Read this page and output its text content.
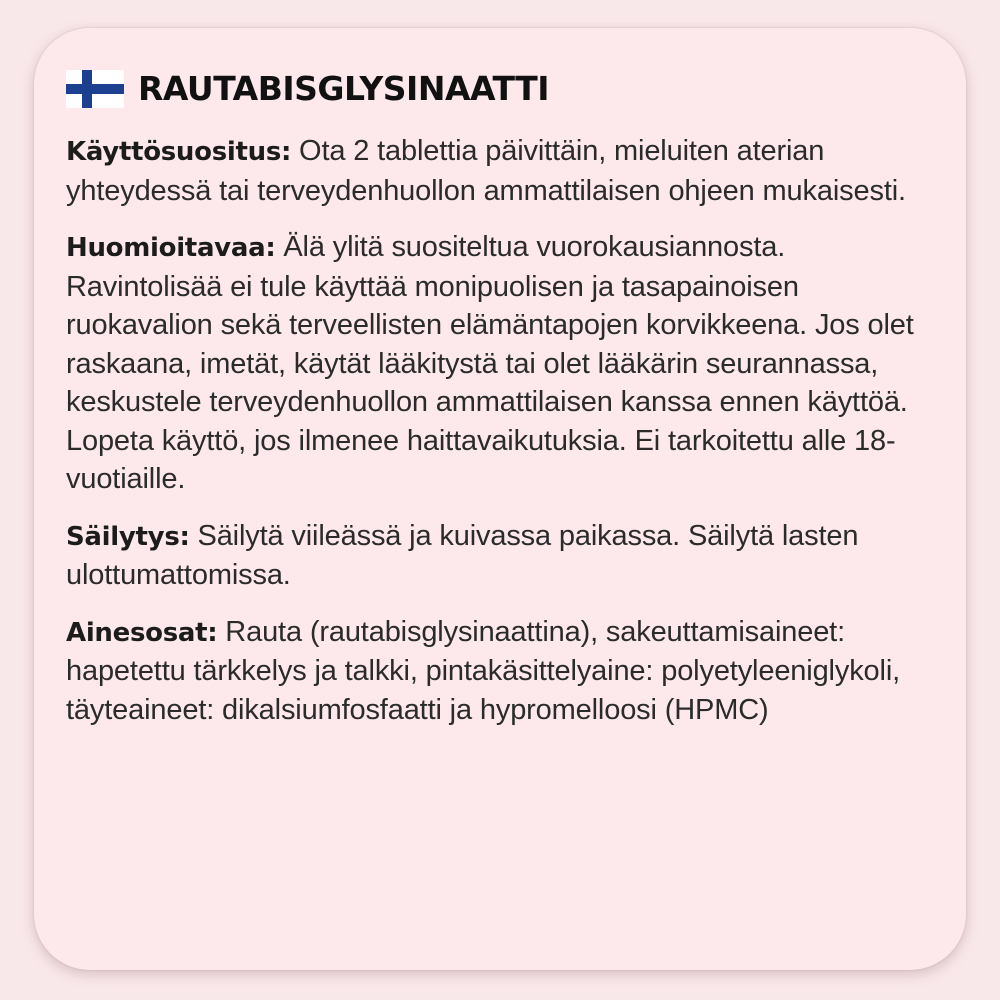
RAUTABISGLYSINAATTI

Käyttösuositus: Ota 2 tablettia päivittäin, mieluiten aterian yhteydessä tai terveydenhuollon ammattilaisen ohjeen mukaisesti.

Huomioitavaa: Älä ylitä suositeltua vuorokausiannosta. Ravintolisää ei tule käyttää monipuolisen ja tasapainoisen ruokavalion sekä terveellisten elämäntapojen korvikkeena. Jos olet raskaana, imetät, käytät lääkitystä tai olet lääkärin seurannassa, keskustele terveydenhuollon ammattilaisen kanssa ennen käyttöä. Lopeta käyttö, jos ilmenee haittavaikutuksia. Ei tarkoitettu alle 18-vuotiaille.

Säilytys: Säilytä viileässä ja kuivassa paikassa. Säilytä lasten ulottumattomissa.

Ainesosat: Rauta (rautabisglysinaattina), sakeuttamisaineet: hapetettu tärkkelys ja talkki, pintakäsittelyaine: polyetyleeniglykoli, täyteaineet: dikalsiumfosfaatti ja hypromelloosi (HPMC)
